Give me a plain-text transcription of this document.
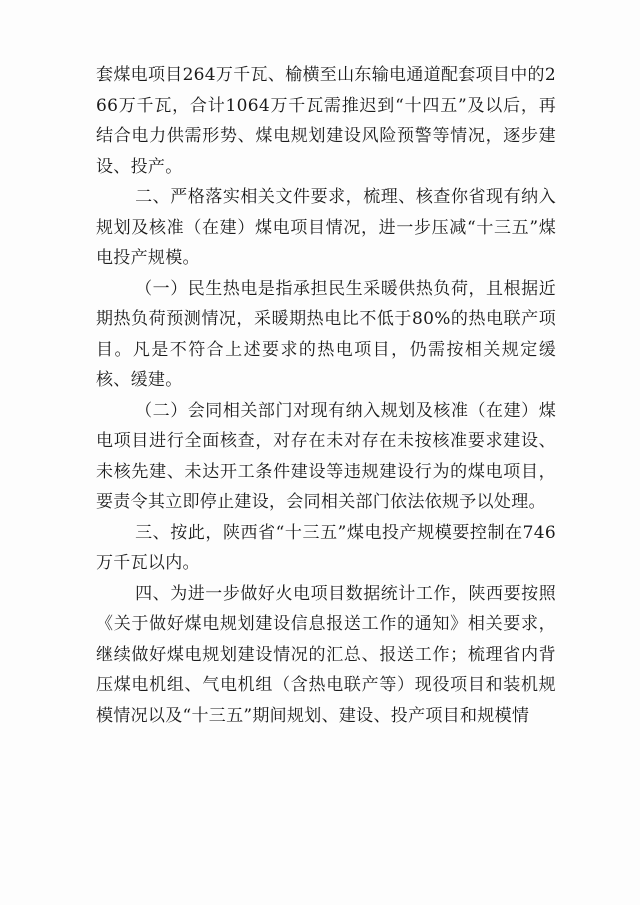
套煤电项目264万千瓦、榆横至山东输电通道配套项目中的266万千瓦，合计1064万千瓦需推迟到“十四五”及以后，再结合电力供需形势、煤电规划建设风险预警等情况，逐步建设、投产。

二、严格落实相关文件要求，梳理、核查你省现有纳入规划及核准（在建）煤电项目情况，进一步压减“十三五”煤电投产规模。

（一）民生热电是指承担民生采暖供热负荷，且根据近期热负荷预测情况，采暖期热电比不低于80%的热电联产项目。凡是不符合上述要求的热电项目，仍需按相关规定缓核、缓建。

（二）会同相关部门对现有纳入规划及核准（在建）煤电项目进行全面核查，对存在未对存在未按核准要求建设、未核先建、未达开工条件建设等违规建设行为的煤电项目，要责令其立即停止建设，会同相关部门依法依规予以处理。

三、按此，陕西省“十三五”煤电投产规模要控制在746万千瓦以内。

四、为进一步做好火电项目数据统计工作，陕西要按照《关于做好煤电规划建设信息报送工作的通知》相关要求，继续做好煤电规划建设情况的汇总、报送工作；梳理省内背压煤电机组、气电机组（含热电联产等）现役项目和装机规模情况以及“十三五”期间规划、建设、投产项目和规模情
